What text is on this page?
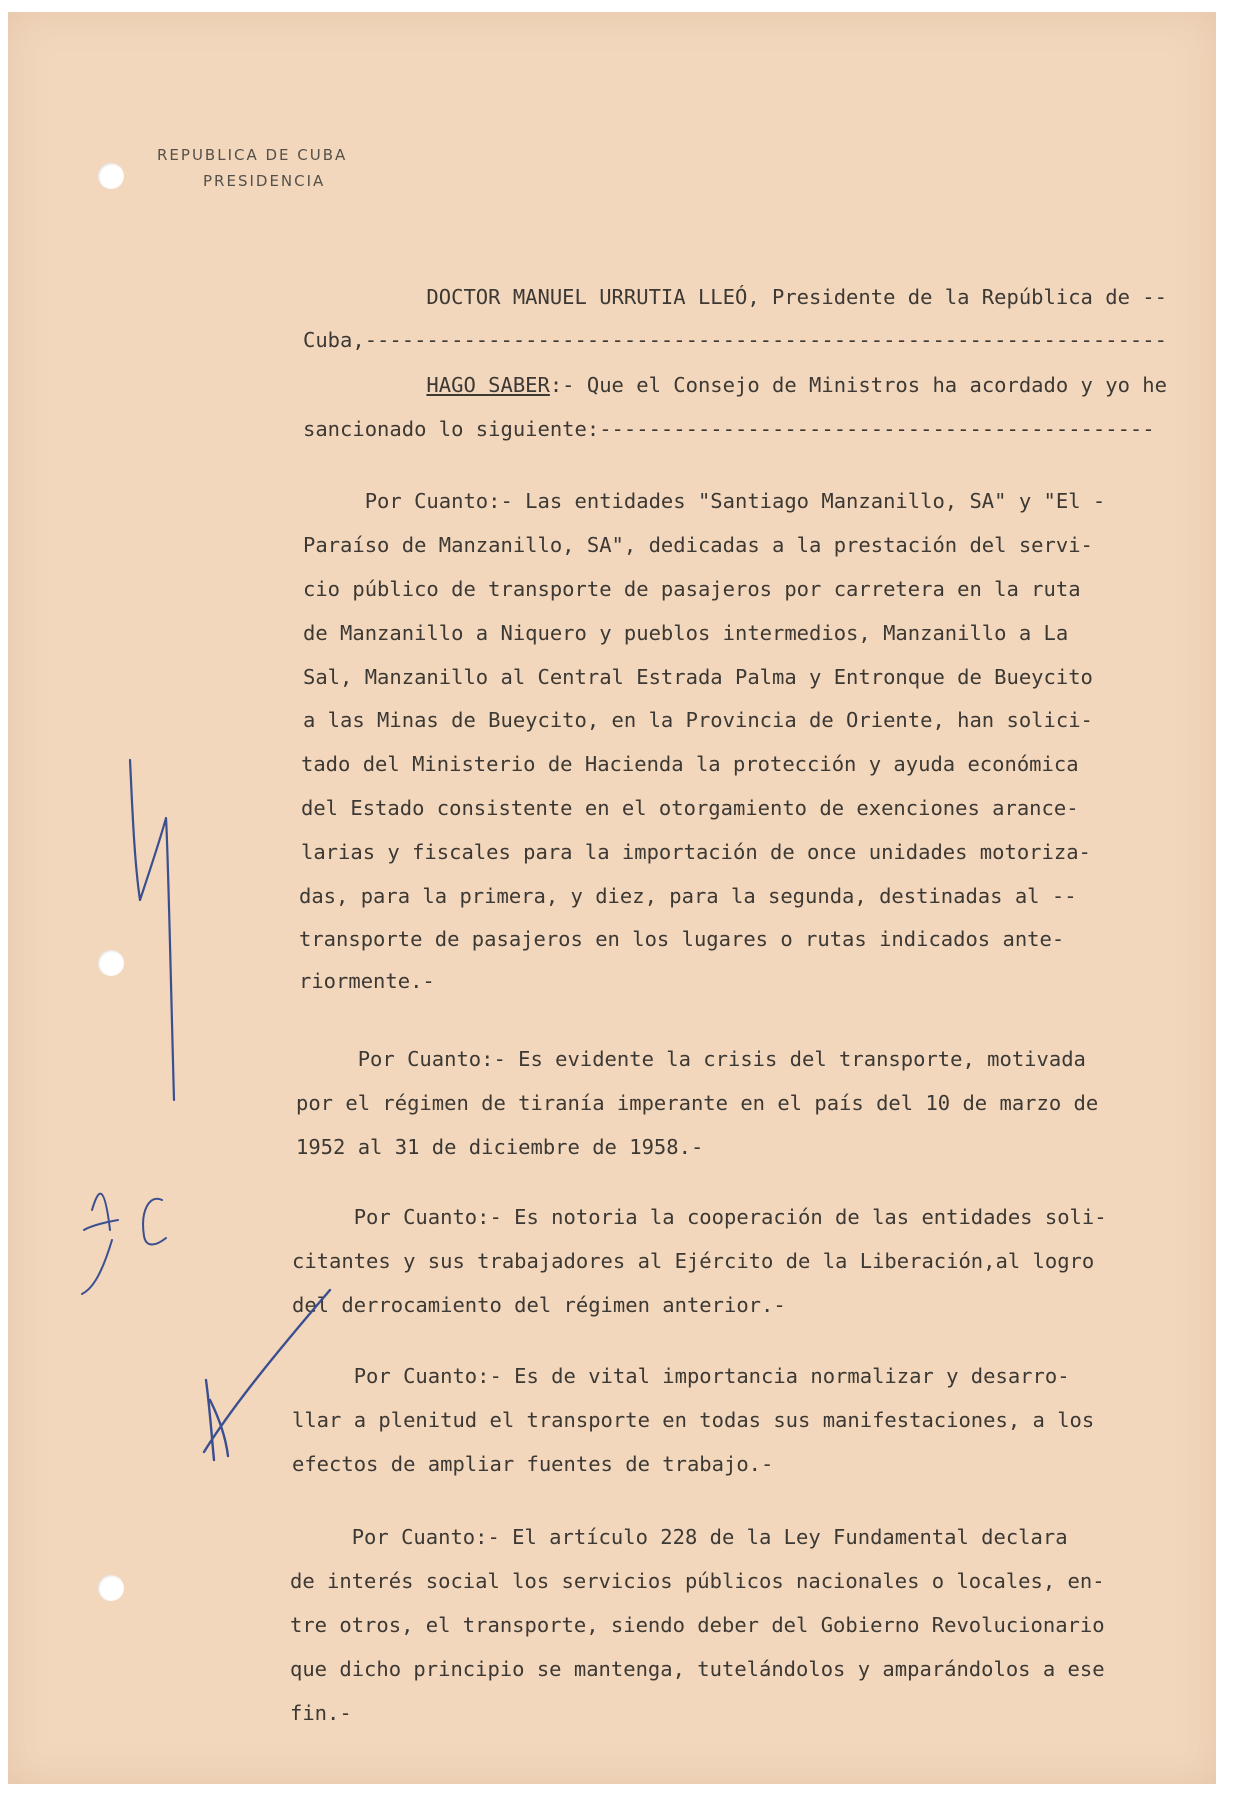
REPUBLICA DE CUBA
PRESIDENCIA
DOCTOR MANUEL URRUTIA LLEÓ, Presidente de la República de --
Cuba,-----------------------------------------------------------------
HAGO SABER:- Que el Consejo de Ministros ha acordado y yo he
sancionado lo siguiente:---------------------------------------------
Por Cuanto:- Las entidades "Santiago Manzanillo, SA" y "El -
Paraíso de Manzanillo, SA", dedicadas a la prestación del servi-
cio público de transporte de pasajeros por carretera en la ruta
de Manzanillo a Niquero y pueblos intermedios, Manzanillo a La
Sal, Manzanillo al Central Estrada Palma y Entronque de Bueycito
a las Minas de Bueycito, en la Provincia de Oriente, han solici-
tado del Ministerio de Hacienda la protección y ayuda económica
del Estado consistente en el otorgamiento de exenciones arance-
larias y fiscales para la importación de once unidades motoriza-
das, para la primera, y diez, para la segunda, destinadas al --
transporte de pasajeros en los lugares o rutas indicados ante-
riormente.-
Por Cuanto:- Es evidente la crisis del transporte, motivada
por el régimen de tiranía imperante en el país del 10 de marzo de
1952 al 31 de diciembre de 1958.-
Por Cuanto:- Es notoria la cooperación de las entidades soli-
citantes y sus trabajadores al Ejército de la Liberación,al logro
del derrocamiento del régimen anterior.-
Por Cuanto:- Es de vital importancia normalizar y desarro-
llar a plenitud el transporte en todas sus manifestaciones, a los
efectos de ampliar fuentes de trabajo.-
Por Cuanto:- El artículo 228 de la Ley Fundamental declara
de interés social los servicios públicos nacionales o locales, en-
tre otros, el transporte, siendo deber del Gobierno Revolucionario
que dicho principio se mantenga, tutelándolos y amparándolos a ese
fin.-
F.C
